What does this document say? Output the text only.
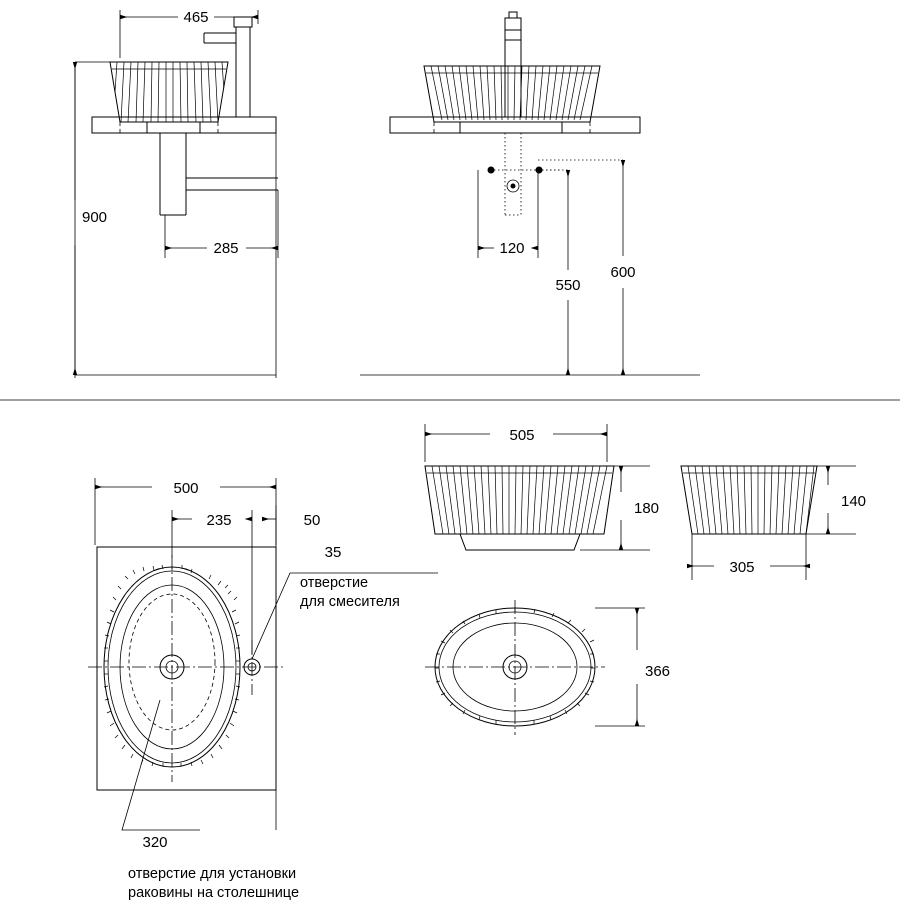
900
465
285	120
550
600
500
235	50
35
отверстие
для смесителя
320
отверстие для установки
раковины на столешнице
505
180	140
305
366
